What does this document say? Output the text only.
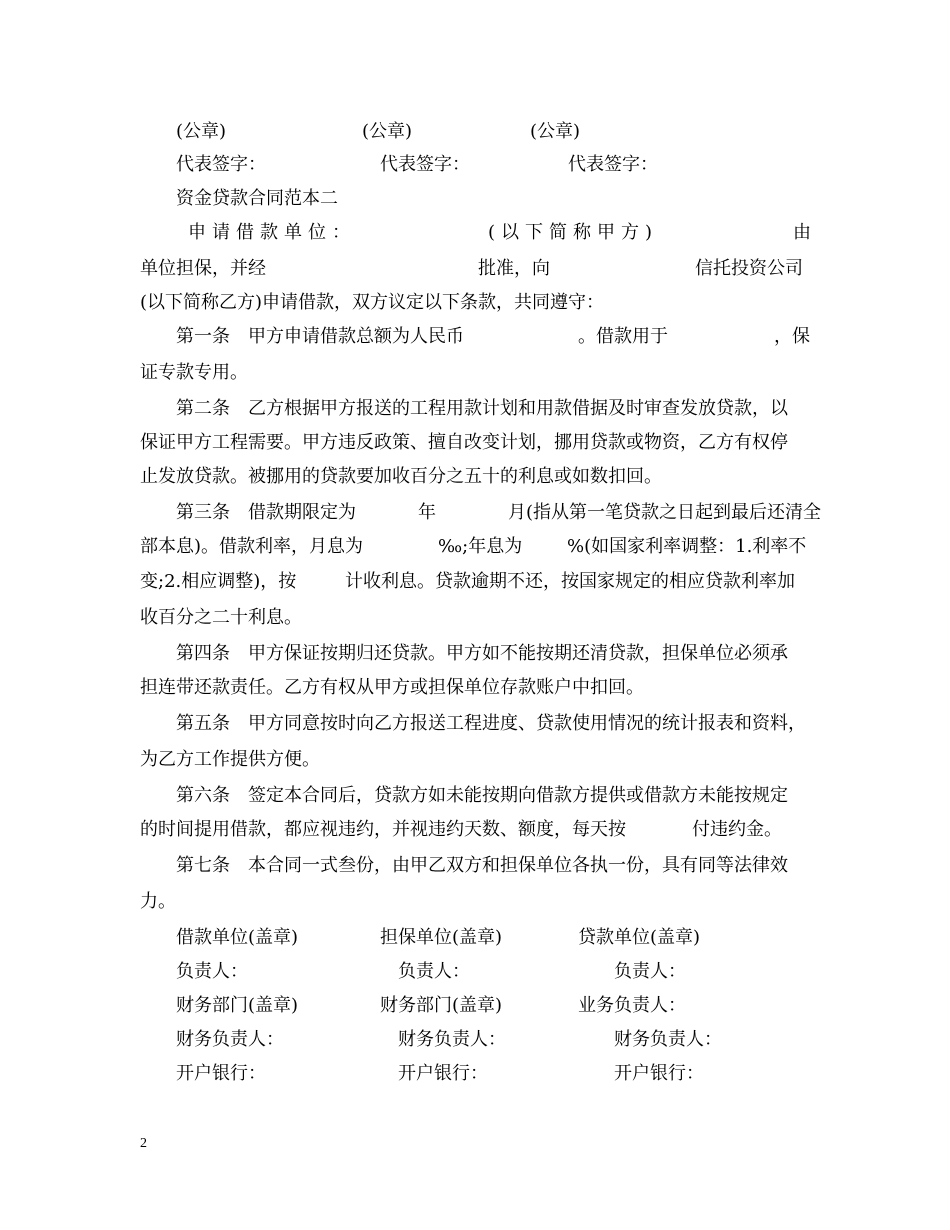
(公章)	(公章)	(公章)
代表签字：	代表签字：	代表签字：
资金贷款合同范本二
申请借款单位：	(以下简称甲方)	由
单位担保，并经	批准，向	信托投资公司
(以下简称乙方)申请借款，双方议定以下条款，共同遵守：
第一条　甲方申请借款总额为人民币	。借款用于	，保
证专款专用。
第二条　乙方根据甲方报送的工程用款计划和用款借据及时审查发放贷款，以
保证甲方工程需要。甲方违反政策、擅自改变计划，挪用贷款或物资，乙方有权停
止发放贷款。被挪用的贷款要加收百分之五十的利息或如数扣回。
第三条　借款期限定为	年	月(指从第一笔贷款之日起到最后还清全
部本息)。借款利率，月息为	‰;年息为 %(如国家利率调整：1.利率不
变;2.相应调整)，按	计收利息。贷款逾期不还，按国家规定的相应贷款利率加
收百分之二十利息。
第四条　甲方保证按期归还贷款。甲方如不能按期还清贷款，担保单位必须承
担连带还款责任。乙方有权从甲方或担保单位存款账户中扣回。
第五条　甲方同意按时向乙方报送工程进度、贷款使用情况的统计报表和资料，
为乙方工作提供方便。
第六条　签定本合同后，贷款方如未能按期向借款方提供或借款方未能按规定
的时间提用借款，都应视违约，并视违约天数、额度，每天按	付违约金。
第七条　本合同一式叁份，由甲乙双方和担保单位各执一份，具有同等法律效
力。
借款单位(盖章)	担保单位(盖章)	贷款单位(盖章)
负责人：	负责人：	负责人：
财务部门(盖章)	财务部门(盖章)	业务负责人：
财务负责人：	财务负责人：	财务负责人：
开户银行：	开户银行：	开户银行：
2
